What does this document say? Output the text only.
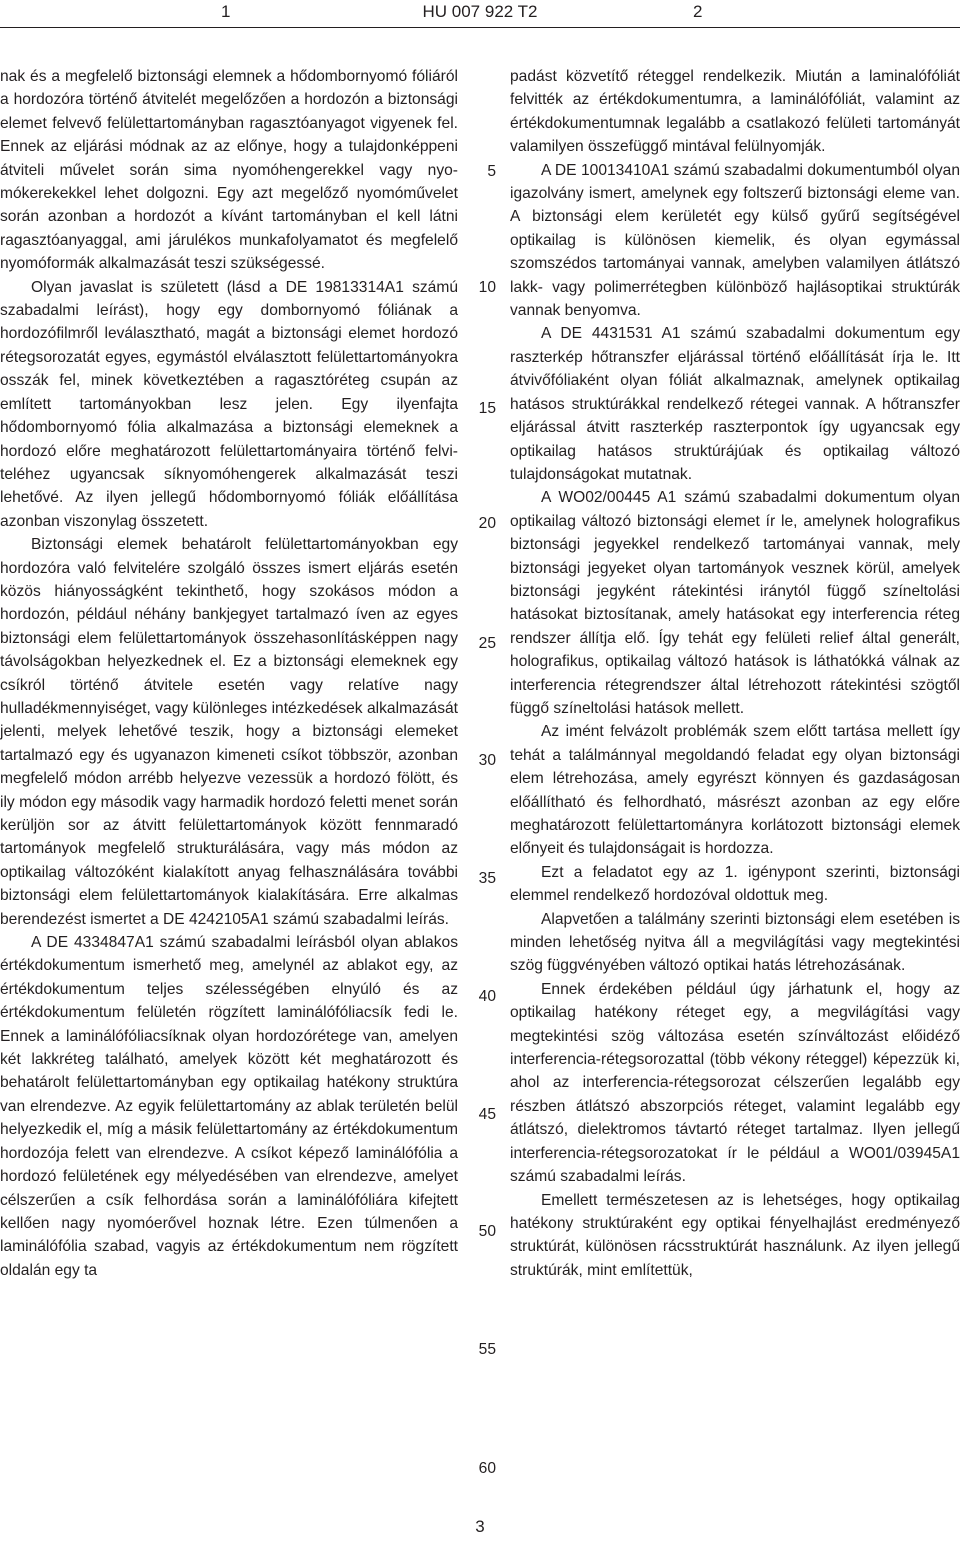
1	HU 007 922 T2	2

nak és a megfelelő biztonsági elemnek a hődombornyomó fóliáról a hordozóra történő átvitelét megelőzően a hordozón a biztonsági elemet felvevő felülettartományban ragasztóanyagot vigyenek fel. Ennek az eljárási módnak az az előnye, hogy a tulajdonképpeni átviteli művelet során sima nyomóhengerekkel vagy nyomókerekekkel lehet dolgozni. Egy azt megelőző nyomóművelet során azonban a hordozót a kívánt tartományban el kell látni ragasztóanyaggal, ami járulékos munkafolyamatot és megfelelő nyomóformák alkalmazását teszi szükségessé.

Olyan javaslat is született (lásd a DE 19813314A1 számú szabadalmi leírást), hogy egy dombornyomó fóliának a hordozófilmről leválasztható, magát a biztonsági elemet hordozó rétegsorozatát egyes, egymástól elválasztott felülettartományokra osszák fel, minek következtében a ragasztóréteg csupán az említett tartományokban lesz jelen. Egy ilyenfajta hődombornyomó fólia alkalmazása a biztonsági elemeknek a hordozó előre meghatározott felülettartományaira történő felviteléhez ugyancsak síknyomóhengerek alkalmazását teszi lehetővé. Az ilyen jellegű hődombornyomó fóliák előállítása azonban viszonylag összetett.

Biztonsági elemek behatárolt felülettartományokban egy hordozóra való felvitelére szolgáló összes ismert eljárás esetén közös hiányosságként tekinthető, hogy szokásos módon a hordozón, például néhány bankjegyet tartalmazó íven az egyes biztonsági elem felülettartományok összehasonlításképpen nagy távolságokban helyezkednek el. Ez a biztonsági elemeknek egy csíkról történő átvitele esetén vagy relatíve nagy hulladékmennyiséget, vagy különleges intézkedések alkalmazását jelenti, melyek lehetővé teszik, hogy a biztonsági elemeket tartalmazó egy és ugyanazon kimeneti csíkot többször, azonban megfelelő módon arrébb helyezve vezessük a hordozó fölött, és ily módon egy második vagy harmadik hordozó feletti menet során kerüljön sor az átvitt felülettartományok között fennmaradó tartományok megfelelő strukturálására, vagy más módon az optikailag változóként kialakított anyag felhasználására további biztonsági elem felülettartományok kialakítására. Erre alkalmas berendezést ismertet a DE 4242105A1 számú szabadalmi leírás.

A DE 4334847A1 számú szabadalmi leírásból olyan ablakos értékdokumentum ismerhető meg, amelynél az ablakot egy, az értékdokumentum teljes szélességében elnyúló és az értékdokumentum felületén rögzített laminálófóliacsík fedi le. Ennek a laminálófóliacsíknak olyan hordozórétege van, amelyen két lakkréteg található, amelyek között két meghatározott és behatárolt felülettartományban egy optikailag hatékony struktúra van elrendezve. Az egyik felülettartomány az ablak területén belül helyezkedik el, míg a másik felülettartomány az értékdokumentum hordozója felett van elrendezve. A csíkot képező laminálófólia a hordozó felületének egy mélyedésében van elrendezve, amelyet célszerűen a csík felhordása során a laminálófóliára kifejtett kellően nagy nyomóerővel hoznak létre. Ezen túlmenően a laminálófólia szabad, vagyis az értékdokumentum nem rögzített oldalán egy ta

5
10
15
20
25
30
35
40
45
50
55
60

padást közvetítő réteggel rendelkezik. Miután a laminalófóliát felvitték az értékdokumentumra, a laminálófóliát, valamint az értékdokumentumnak legalább a csatlakozó felületi tartományát valamilyen összefüggő mintával felülnyomják.

A DE 10013410A1 számú szabadalmi dokumentumból olyan igazolvány ismert, amelynek egy foltszerű biztonsági eleme van. A biztonsági elem kerületét egy külső gyűrű segítségével optikailag is különösen kiemelik, és olyan egymással szomszédos tartományai vannak, amelyben valamilyen átlátszó lakk- vagy polimerrétegben különböző hajlásoptikai struktúrák vannak benyomva.

A DE 4431531 A1 számú szabadalmi dokumentum egy raszterkép hőtranszfer eljárással történő előállítását írja le. Itt átvivőfóliaként olyan fóliát alkalmaznak, amelynek optikailag hatásos struktúrákkal rendelkező rétegei vannak. A hőtranszfer eljárással átvitt raszterkép raszterpontok így ugyancsak egy optikailag hatásos struktúrájúak és optikailag változó tulajdonságokat mutatnak.

A WO02/00445 A1 számú szabadalmi dokumentum olyan optikailag változó biztonsági elemet ír le, amelynek holografikus biztonsági jegyekkel rendelkező tartományai vannak, mely biztonsági jegyeket olyan tartományok vesznek körül, amelyek biztonsági jegyként rátekintési iránytól függő színeltolási hatásokat biztosítanak, amely hatásokat egy interferencia réteg rendszer állítja elő. Így tehát egy felületi relief által generált, holografikus, optikailag változó hatások is láthatókká válnak az interferencia rétegrendszer által létrehozott rátekintési szögtől függő színeltolási hatások mellett.

Az imént felvázolt problémák szem előtt tartása mellett így tehát a találmánnyal megoldandó feladat egy olyan biztonsági elem létrehozása, amely egyrészt könnyen és gazdaságosan előállítható és felhordható, másrészt azonban az egy előre meghatározott felülettartományra korlátozott biztonsági elemek előnyeit és tulajdonságait is hordozza.

Ezt a feladatot egy az 1. igénypont szerinti, biztonsági elemmel rendelkező hordozóval oldottuk meg.

Alapvetően a találmány szerinti biztonsági elem esetében is minden lehetőség nyitva áll a megvilágítási vagy megtekintési szög függvényében változó optikai hatás létrehozásának.

Ennek érdekében például úgy járhatunk el, hogy az optikailag hatékony réteget egy, a megvilágítási vagy megtekintési szög változása esetén színváltozást előidéző interferencia-rétegsorozattal (több vékony réteggel) képezzük ki, ahol az interferencia-rétegsorozat célszerűen legalább egy részben átlátszó abszorpciós réteget, valamint legalább egy átlátszó, dielektromos távtartó réteget tartalmaz. Ilyen jellegű interferencia-rétegsorozatokat ír le például a WO01/03945A1 számú szabadalmi leírás.

Emellett természetesen az is lehetséges, hogy optikailag hatékony struktúraként egy optikai fényelhajlást eredményező struktúrát, különösen rácsstruktúrát használunk. Az ilyen jellegű struktúrák, mint említettük,

3
